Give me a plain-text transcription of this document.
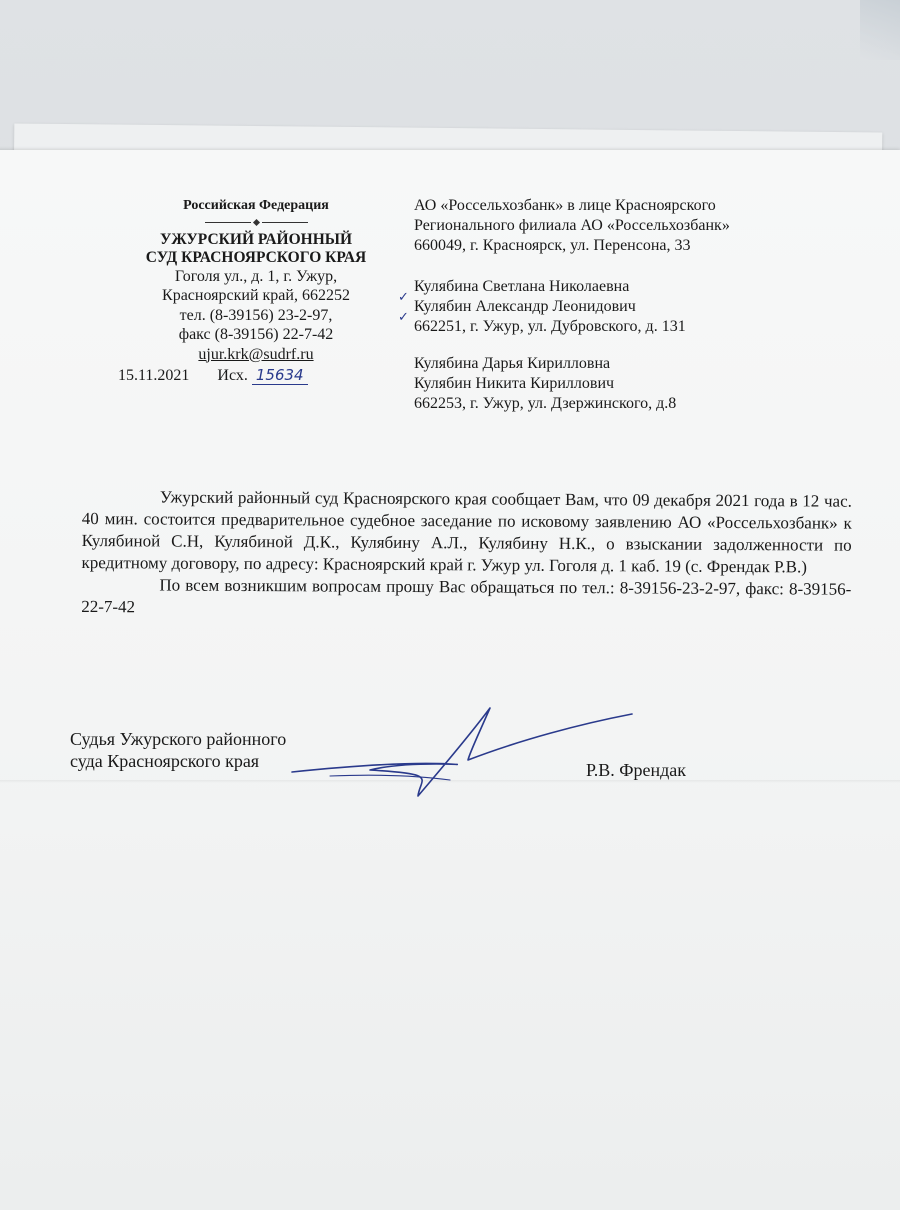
Российская Федерация
УЖУРСКИЙ РАЙОННЫЙ
СУД КРАСНОЯРСКОГО КРАЯ
Гоголя ул., д. 1, г. Ужур,
Красноярский край, 662252
тел. (8-39156) 23-2-97,
факс (8-39156) 22-7-42
ujur.krk@sudrf.ru
15.11.2021 Исх. 15634
АО «Россельхозбанк» в лице Красноярского
Регионального филиала АО «Россельхозбанк»
660049, г. Красноярск, ул. Перенсона, 33
Кулябина Светлана Николаевна
Кулябин Александр Леонидович
662251, г. Ужур, ул. Дубровского, д. 131
✓
✓
Кулябина Дарья Кирилловна
Кулябин Никита Кириллович
662253, г. Ужур, ул. Дзержинского, д.8

Ужурский районный суд Красноярского края сообщает Вам, что 09 декабря 2021 года в 12 час. 40 мин. состоится предварительное судебное заседание по исковому заявлению АО «Россельхозбанк» к Кулябиной С.Н, Кулябиной Д.К., Кулябину А.Л., Кулябину Н.К., о взыскании задолженности по кредитному договору, по адресу: Красноярский край г. Ужур ул. Гоголя д. 1 каб. 19 (с. Френдак Р.В.)

По всем возникшим вопросам прошу Вас обращаться по тел.: 8-39156-23-2-97, факс: 8-39156-22-7-42

Судья Ужурского районного
суда Красноярского края	Р.В. Френдак
